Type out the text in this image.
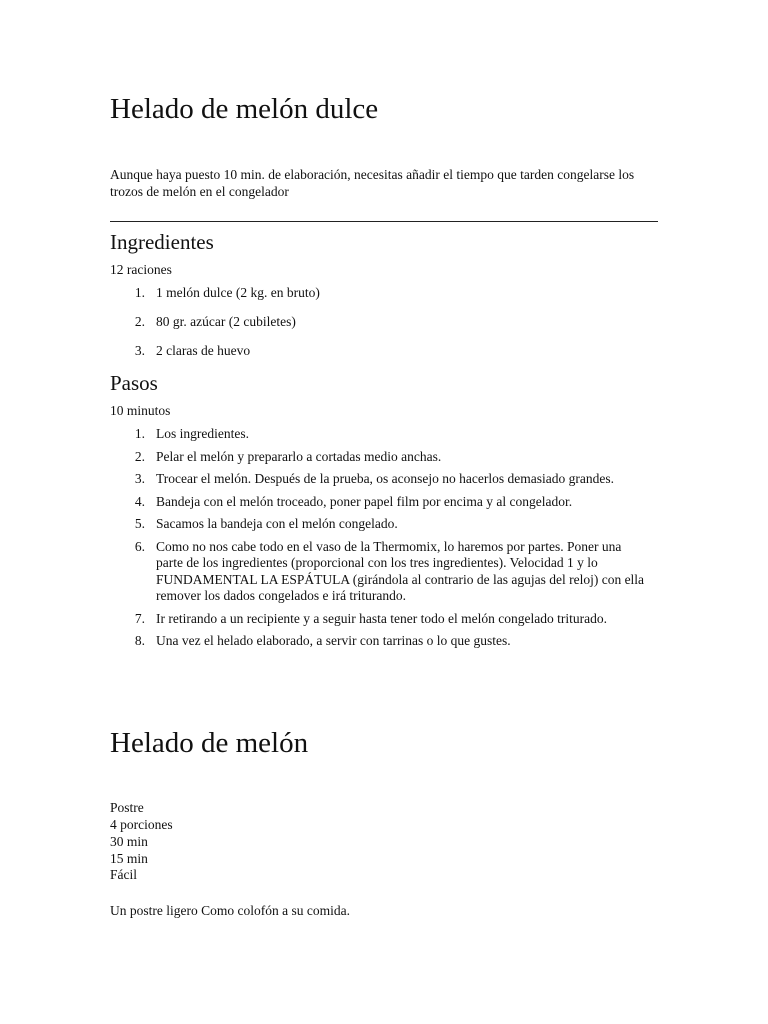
Helado de melón dulce
Aunque haya puesto 10 min. de elaboración, necesitas añadir el tiempo que tarden congelarse los trozos de melón en el congelador
Ingredientes
12 raciones
1. 1 melón dulce (2 kg. en bruto)
2. 80 gr. azúcar (2 cubiletes)
3. 2 claras de huevo
Pasos
10 minutos
1. Los ingredientes.
2. Pelar el melón y prepararlo a cortadas medio anchas.
3. Trocear el melón. Después de la prueba, os aconsejo no hacerlos demasiado grandes.
4. Bandeja con el melón troceado, poner papel film por encima y al congelador.
5. Sacamos la bandeja con el melón congelado.
6. Como no nos cabe todo en el vaso de la Thermomix, lo haremos por partes. Poner una parte de los ingredientes (proporcional con los tres ingredientes). Velocidad 1 y lo FUNDAMENTAL LA ESPÁTULA (girándola al contrario de las agujas del reloj) con ella remover los dados congelados e irá triturando.
7. Ir retirando a un recipiente y a seguir hasta tener todo el melón congelado triturado.
8. Una vez el helado elaborado, a servir con tarrinas o lo que gustes.
Helado de melón
Postre
4 porciones
30 min
15 min
Fácil
Un postre ligero Como colofón a su comida.
